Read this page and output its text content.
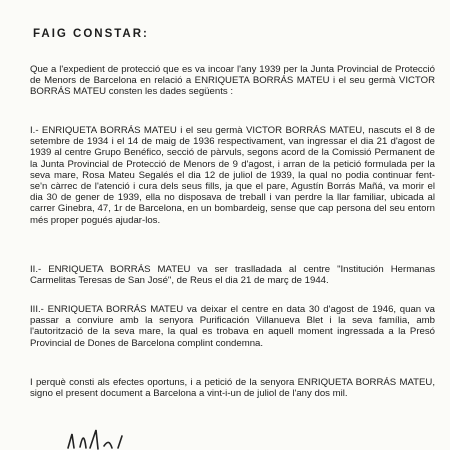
FAIG CONSTAR:

Que a l'expedient de protecció que es va incoar l'any 1939 per la Junta Provincial de Protecció de Menors de Barcelona en relació a ENRIQUETA BORRÁS MATEU i el seu germà VICTOR BORRÁS MATEU consten les dades següents :

I.- ENRIQUETA BORRÁS MATEU i el seu germà VICTOR BORRÁS MATEU, nascuts el 8 de setembre de 1934 i el 14 de maig de 1936 respectivament, van ingressar el dia 21 d'agost de 1939 al centre Grupo Benéfico, secció de pàrvuls, segons acord de la Comissió Permanent de la Junta Provincial de Protecció de Menors de 9 d'agost, i arran de la petició formulada per la seva mare, Rosa Mateu Segalés el dia 12 de juliol de 1939, la qual no podia continuar fent-se'n càrrec de l'atenció i cura dels seus fills, ja que el pare, Agustín Borrás Mañá, va morir el dia 30 de gener de 1939, ella no disposava de treball i van perdre la llar familiar, ubicada al carrer Ginebra, 47, 1r de Barcelona, en un bombardeig, sense que cap persona del seu entorn més proper pogués ajudar-los.

II.- ENRIQUETA BORRÁS MATEU va ser traslladada al centre "Institución Hermanas Carmelitas Teresas de San José", de Reus el dia 21 de març de 1944.

III.- ENRIQUETA BORRÁS MATEU va deixar el centre en data 30 d'agost de 1946, quan va passar a conviure amb la senyora Purificación Villanueva Blet i la seva família, amb l'autorització de la seva mare, la qual es trobava en aquell moment ingressada a la Presó Provincial de Dones de Barcelona complint condemna.

I perquè consti als efectes oportuns, i a petició de la senyora ENRIQUETA BORRÁS MATEU, signo el present document a Barcelona a vint-i-un de juliol de l'any dos mil.
